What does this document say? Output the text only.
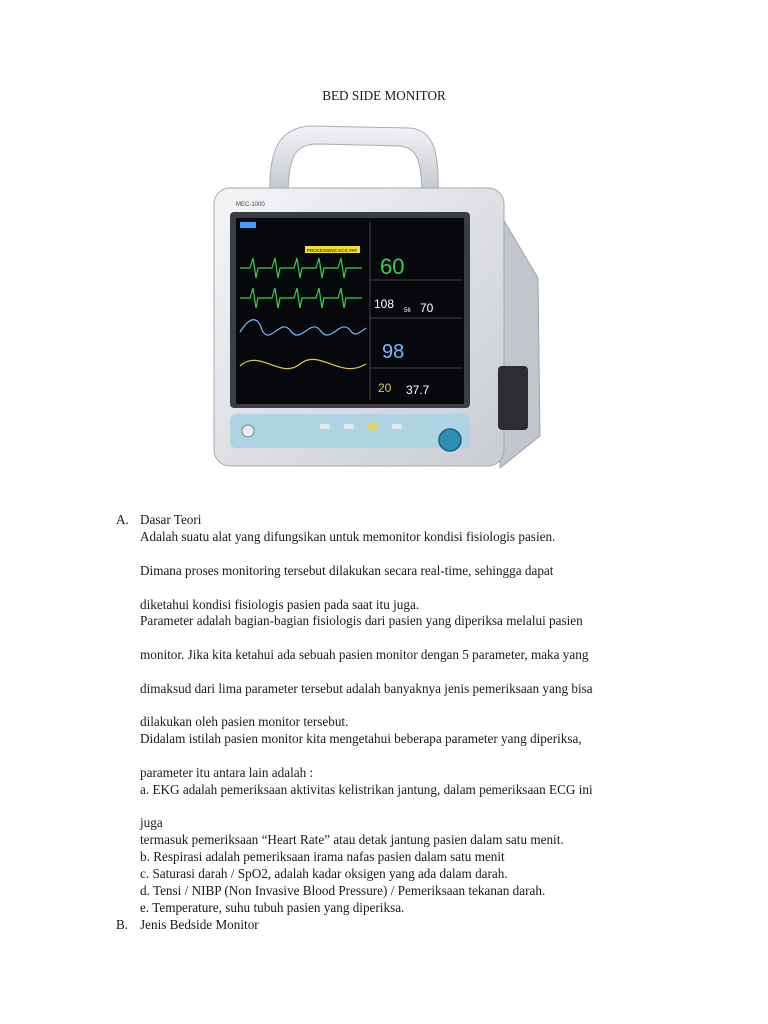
BED SIDE MONITOR
MEC-1000
PROCESSING ECG ###
60
108 56 70
98
20 37.7
A. Dasar Teori
Adalah suatu alat yang difungsikan untuk memonitor kondisi fisiologis pasien.
Dimana proses monitoring tersebut dilakukan secara real-time, sehingga dapat
diketahui kondisi fisiologis pasien pada saat itu juga.
Parameter adalah bagian-bagian fisiologis dari pasien yang diperiksa melalui pasien
monitor. Jika kita ketahui ada sebuah pasien monitor dengan 5 parameter, maka yang
dimaksud dari lima parameter tersebut adalah banyaknya jenis pemeriksaan yang bisa
dilakukan oleh pasien monitor tersebut.
Didalam istilah pasien monitor kita mengetahui beberapa parameter yang diperiksa,
parameter itu antara lain adalah :
a. EKG adalah pemeriksaan aktivitas kelistrikan jantung, dalam pemeriksaan ECG ini
juga
termasuk pemeriksaan “Heart Rate” atau detak jantung pasien dalam satu menit.
b. Respirasi adalah pemeriksaan irama nafas pasien dalam satu menit
c. Saturasi darah / SpO2, adalah kadar oksigen yang ada dalam darah.
d. Tensi / NIBP (Non Invasive Blood Pressure) / Pemeriksaan tekanan darah.
e. Temperature, suhu tubuh pasien yang diperiksa.
B. Jenis Bedside Monitor
